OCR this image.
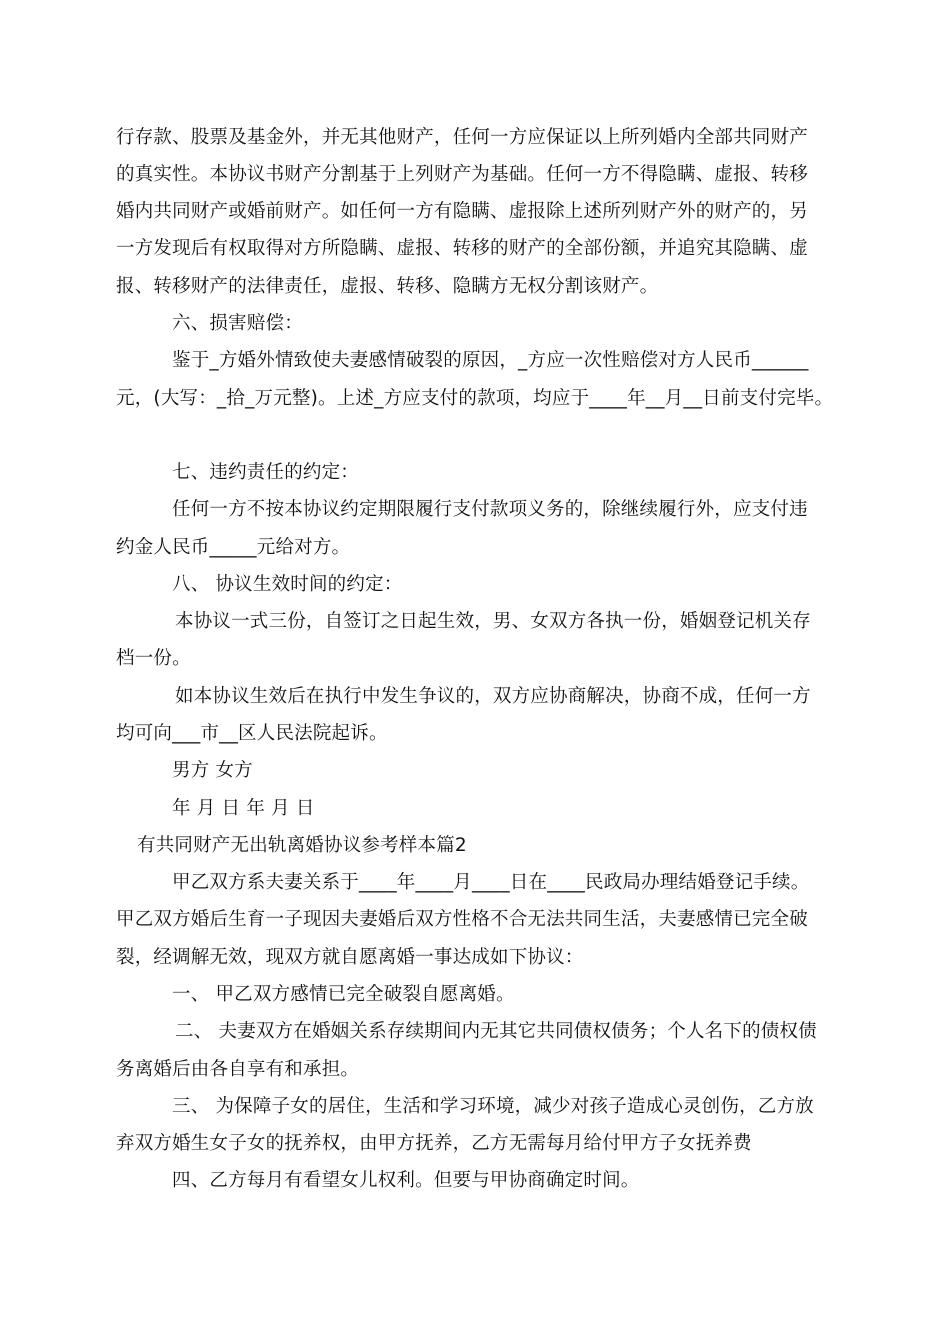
行存款、股票及基金外，并无其他财产，任何一方应保证以上所列婚内全部共同财产
的真实性。本协议书财产分割基于上列财产为基础。任何一方不得隐瞒、虚报、转移
婚内共同财产或婚前财产。如任何一方有隐瞒、虚报除上述所列财产外的财产的，另
一方发现后有权取得对方所隐瞒、虚报、转移的财产的全部份额，并追究其隐瞒、虚
报、转移财产的法律责任，虚报、转移、隐瞒方无权分割该财产。
六、损害赔偿：
鉴于_方婚外情致使夫妻感情破裂的原因，_方应一次性赔偿对方人民币______
元，(大写：_拾_万元整)。上述_方应支付的款项，均应于____年__月__日前支付完毕。
七、违约责任的约定：
任何一方不按本协议约定期限履行支付款项义务的，除继续履行外，应支付违
约金人民币_____元给对方。
八、 协议生效时间的约定：
本协议一式三份，自签订之日起生效，男、女双方各执一份，婚姻登记机关存
档一份。
如本协议生效后在执行中发生争议的，双方应协商解决，协商不成，任何一方
均可向___市__区人民法院起诉。
男方 女方
年 月 日 年 月 日
有共同财产无出轨离婚协议参考样本篇2
甲乙双方系夫妻关系于____年____月____日在____民政局办理结婚登记手续。
甲乙双方婚后生育一子现因夫妻婚后双方性格不合无法共同生活，夫妻感情已完全破
裂，经调解无效，现双方就自愿离婚一事达成如下协议：
一、 甲乙双方感情已完全破裂自愿离婚。
二、 夫妻双方在婚姻关系存续期间内无其它共同债权债务；个人名下的债权债
务离婚后由各自享有和承担。
三、 为保障子女的居住，生活和学习环境，减少对孩子造成心灵创伤，乙方放
弃双方婚生女子女的抚养权，由甲方抚养，乙方无需每月给付甲方子女抚养费
四、乙方每月有看望女儿权利。但要与甲协商确定时间。
